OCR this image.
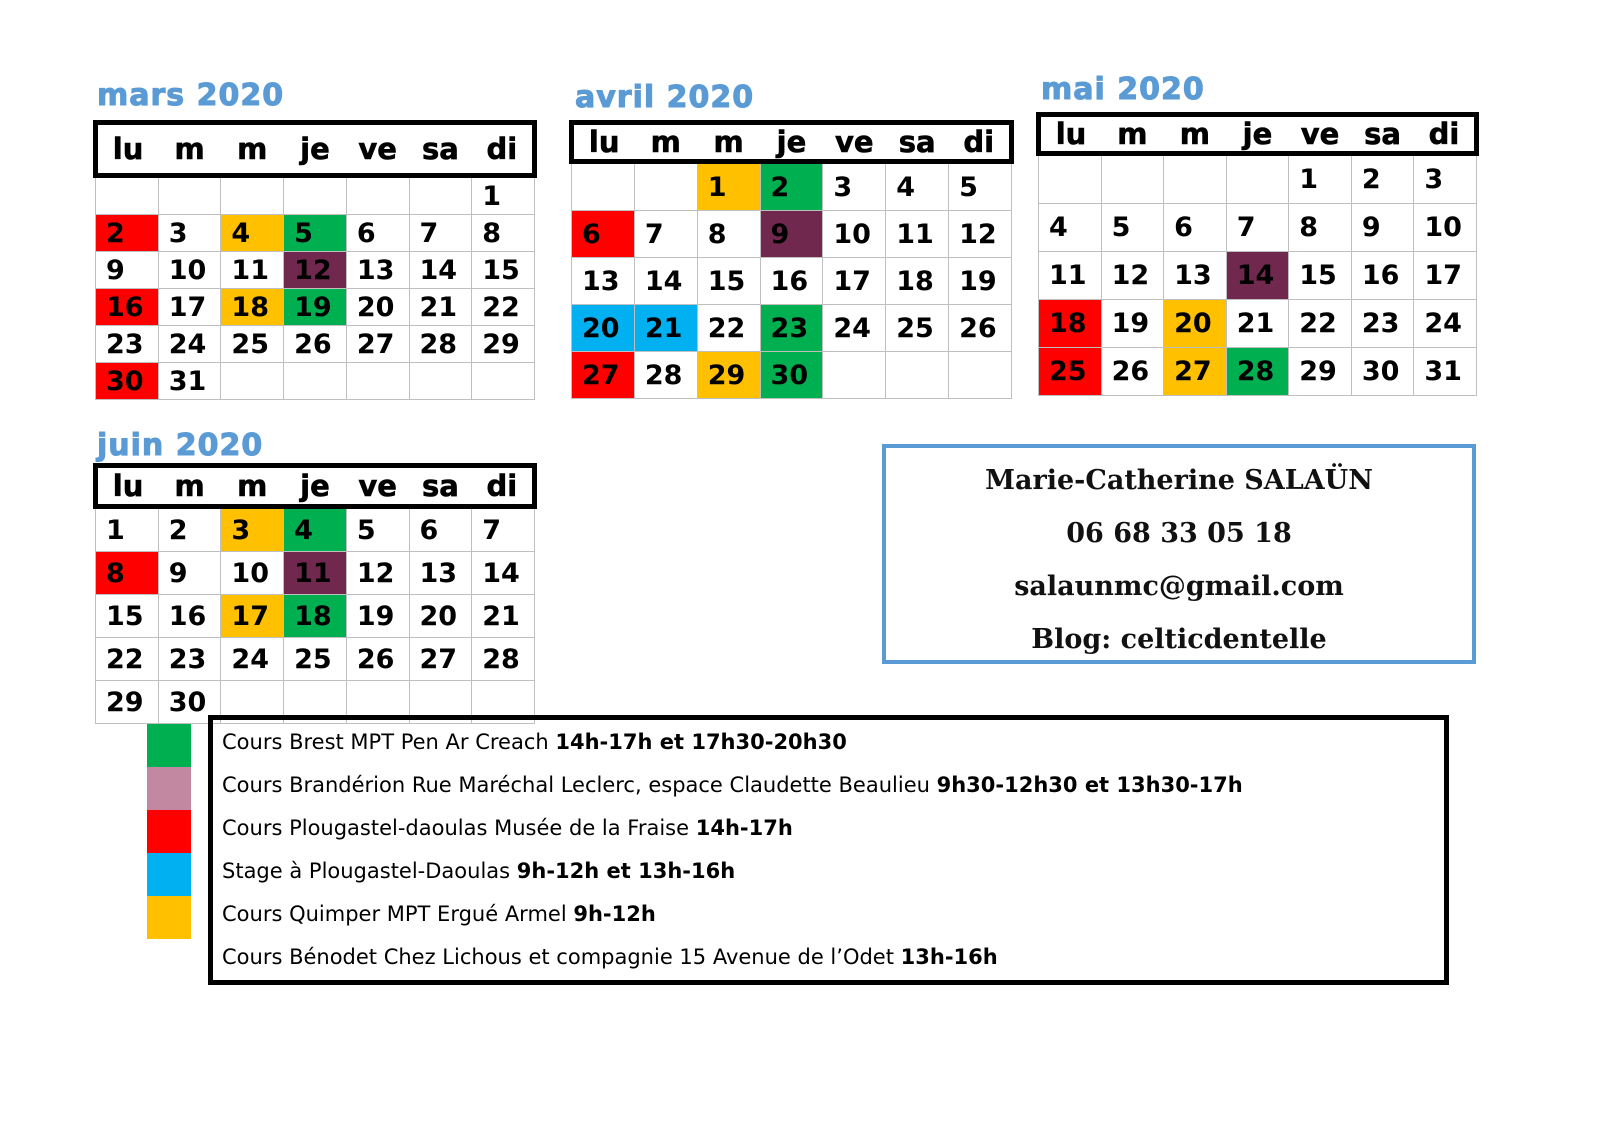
mars 2020
lu	m	m	je	ve	sa	di
						1
2	3	4	5	6	7	8
9	10	11	12	13	14	15
16	17	18	19	20	21	22
23	24	25	26	27	28	29
30	31					
avril 2020
lu	m	m	je	ve	sa	di
		1	2	3	4	5
6	7	8	9	10	11	12
13	14	15	16	17	18	19
20	21	22	23	24	25	26
27	28	29	30			
mai 2020
lu	m	m	je	ve	sa	di
				1	2	3
4	5	6	7	8	9	10
11	12	13	14	15	16	17
18	19	20	21	22	23	24
25	26	27	28	29	30	31
juin 2020
lu	m	m	je	ve	sa	di
1	2	3	4	5	6	7
8	9	10	11	12	13	14
15	16	17	18	19	20	21
22	23	24	25	26	27	28
29	30					
Marie-Catherine SALAÜN
06 68 33 05 18
salaunmc@gmail.com
Blog: celticdentelle
Cours Brest MPT Pen Ar Creach 14h-17h et 17h30-20h30
Cours Brandérion Rue Maréchal Leclerc, espace Claudette Beaulieu 9h30-12h30 et 13h30-17h
Cours Plougastel-daoulas Musée de la Fraise 14h-17h
Stage à Plougastel-Daoulas 9h-12h et 13h-16h
Cours Quimper MPT Ergué Armel 9h-12h
Cours Bénodet Chez Lichous et compagnie 15 Avenue de l’Odet 13h-16h
